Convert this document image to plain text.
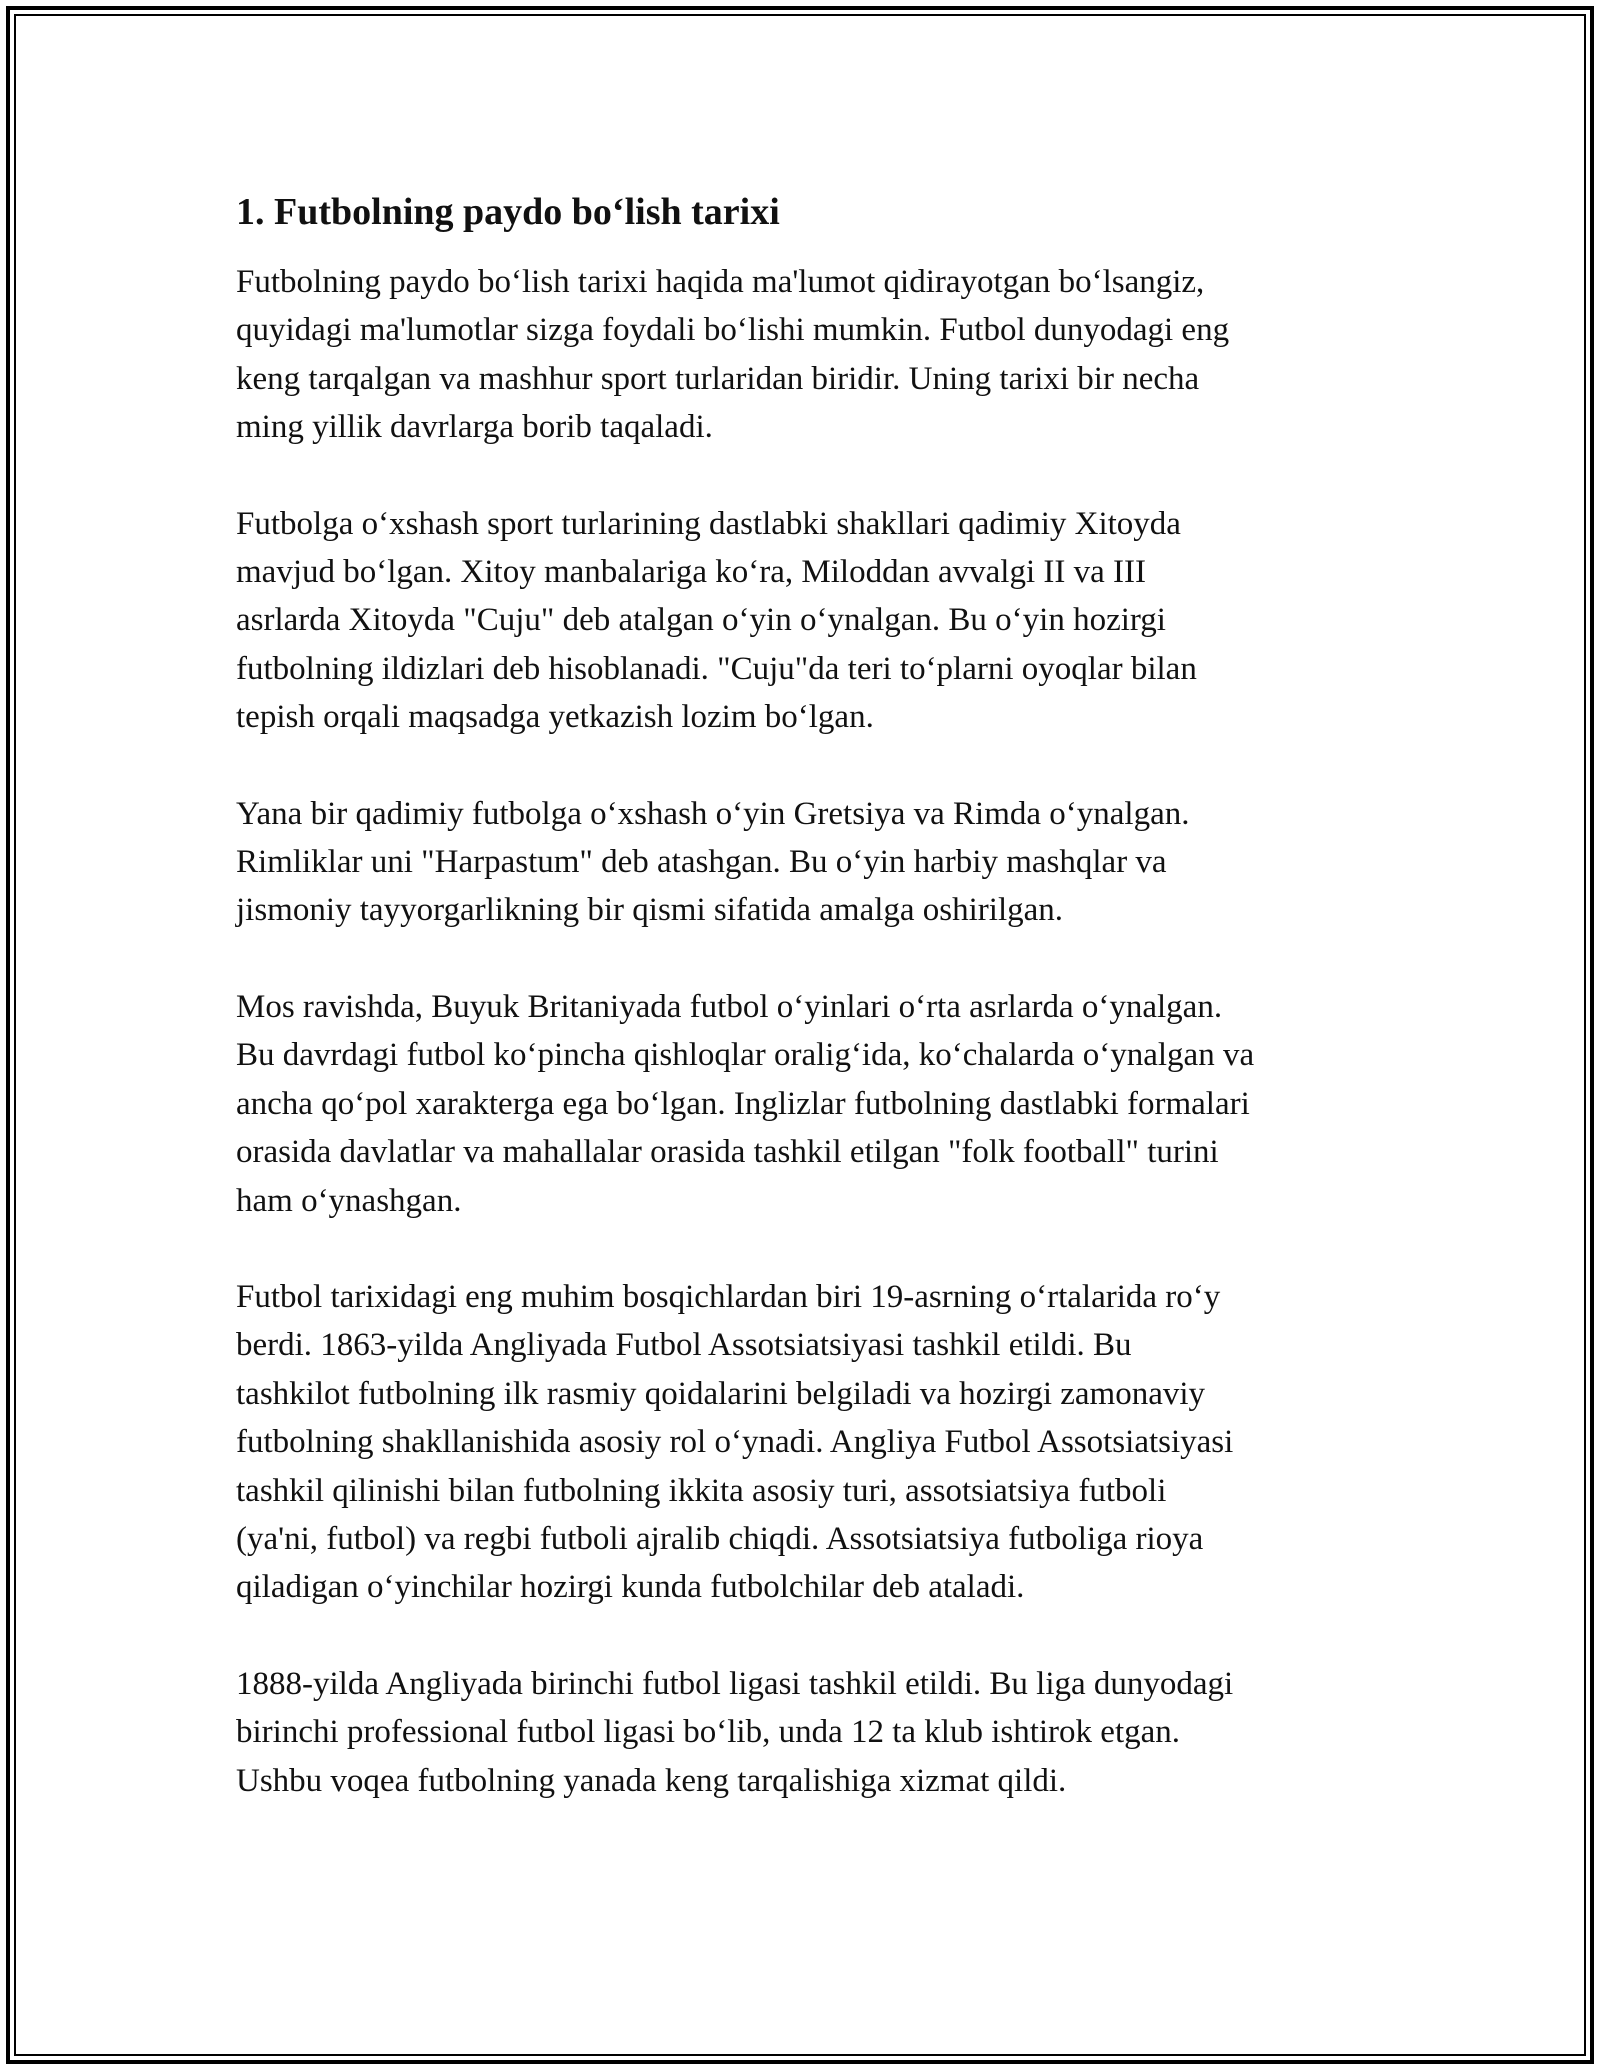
1. Futbolning paydo bo‘lish tarixi

Futbolning paydo bo‘lish tarixi haqida ma'lumot qidirayotgan bo‘lsangiz,
quyidagi ma'lumotlar sizga foydali bo‘lishi mumkin. Futbol dunyodagi eng
keng tarqalgan va mashhur sport turlaridan biridir. Uning tarixi bir necha
ming yillik davrlarga borib taqaladi.

Futbolga o‘xshash sport turlarining dastlabki shakllari qadimiy Xitoyda
mavjud bo‘lgan. Xitoy manbalariga ko‘ra, Miloddan avvalgi II va III
asrlarda Xitoyda "Cuju" deb atalgan o‘yin o‘ynalgan. Bu o‘yin hozirgi
futbolning ildizlari deb hisoblanadi. "Cuju"da teri to‘plarni oyoqlar bilan
tepish orqali maqsadga yetkazish lozim bo‘lgan.

Yana bir qadimiy futbolga o‘xshash o‘yin Gretsiya va Rimda o‘ynalgan.
Rimliklar uni "Harpastum" deb atashgan. Bu o‘yin harbiy mashqlar va
jismoniy tayyorgarlikning bir qismi sifatida amalga oshirilgan.

Mos ravishda, Buyuk Britaniyada futbol o‘yinlari o‘rta asrlarda o‘ynalgan.
Bu davrdagi futbol ko‘pincha qishloqlar oralig‘ida, ko‘chalarda o‘ynalgan va
ancha qo‘pol xarakterga ega bo‘lgan. Inglizlar futbolning dastlabki formalari
orasida davlatlar va mahallalar orasida tashkil etilgan "folk football" turini
ham o‘ynashgan.

Futbol tarixidagi eng muhim bosqichlardan biri 19-asrning o‘rtalarida ro‘y
berdi. 1863-yilda Angliyada Futbol Assotsiatsiyasi tashkil etildi. Bu
tashkilot futbolning ilk rasmiy qoidalarini belgiladi va hozirgi zamonaviy
futbolning shakllanishida asosiy rol o‘ynadi. Angliya Futbol Assotsiatsiyasi
tashkil qilinishi bilan futbolning ikkita asosiy turi, assotsiatsiya futboli
(ya'ni, futbol) va regbi futboli ajralib chiqdi. Assotsiatsiya futboliga rioya
qiladigan o‘yinchilar hozirgi kunda futbolchilar deb ataladi.

1888-yilda Angliyada birinchi futbol ligasi tashkil etildi. Bu liga dunyodagi
birinchi professional futbol ligasi bo‘lib, unda 12 ta klub ishtirok etgan.
Ushbu voqea futbolning yanada keng tarqalishiga xizmat qildi.
